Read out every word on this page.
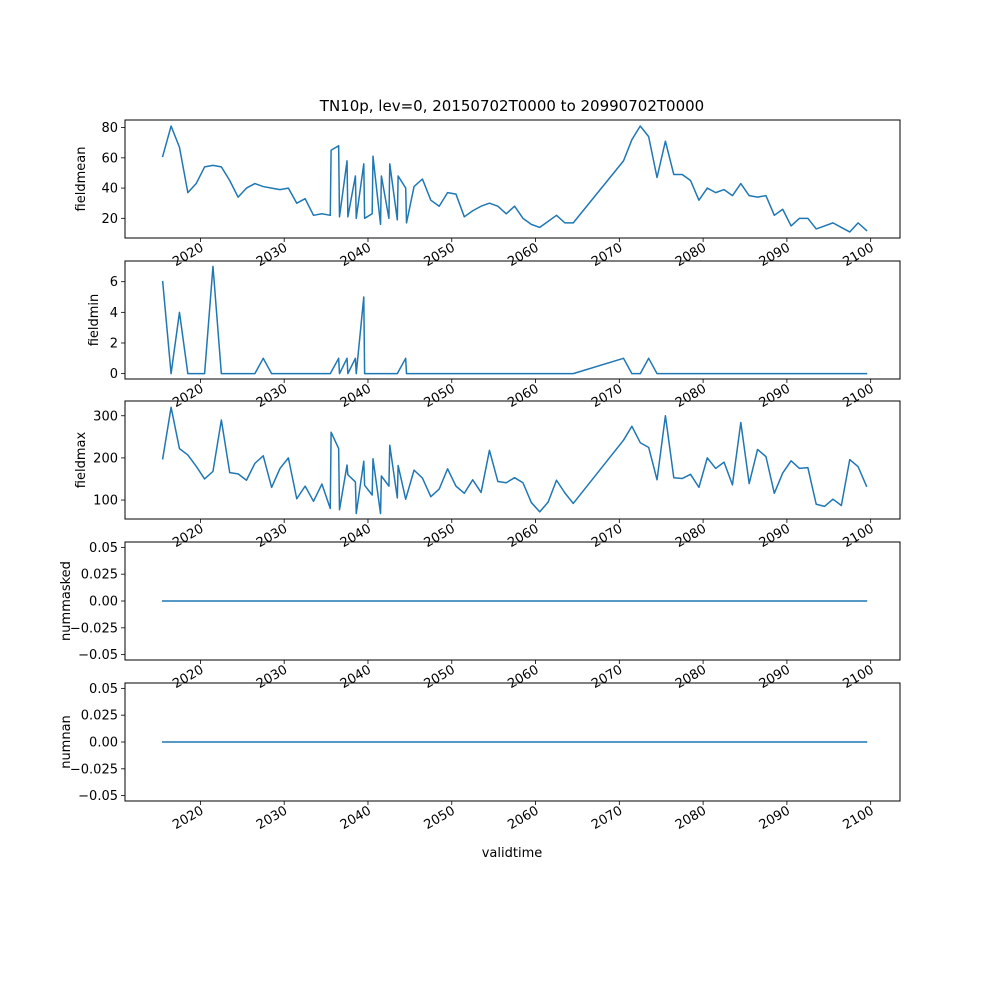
TN10p, lev=0, 20150702T0000 to 20990702T0000
20
40
60
80
2020	2030	2040	2050	2060	2070	2080	2090	2100
fieldmean
0
2
4
6
2020	2030	2040	2050	2060	2070	2080	2090	2100
fieldmin
100
200
300
2020	2030	2040	2050	2060	2070	2080	2090	2100
fieldmax
−0.05
−0.025
0.00
0.025
0.05
2020	2030	2040	2050	2060	2070	2080	2090	2100
nummasked
−0.05
−0.025
0.00
0.025
0.05
2020	2030	2040	2050	2060	2070	2080	2090	2100
numnan
validtime
